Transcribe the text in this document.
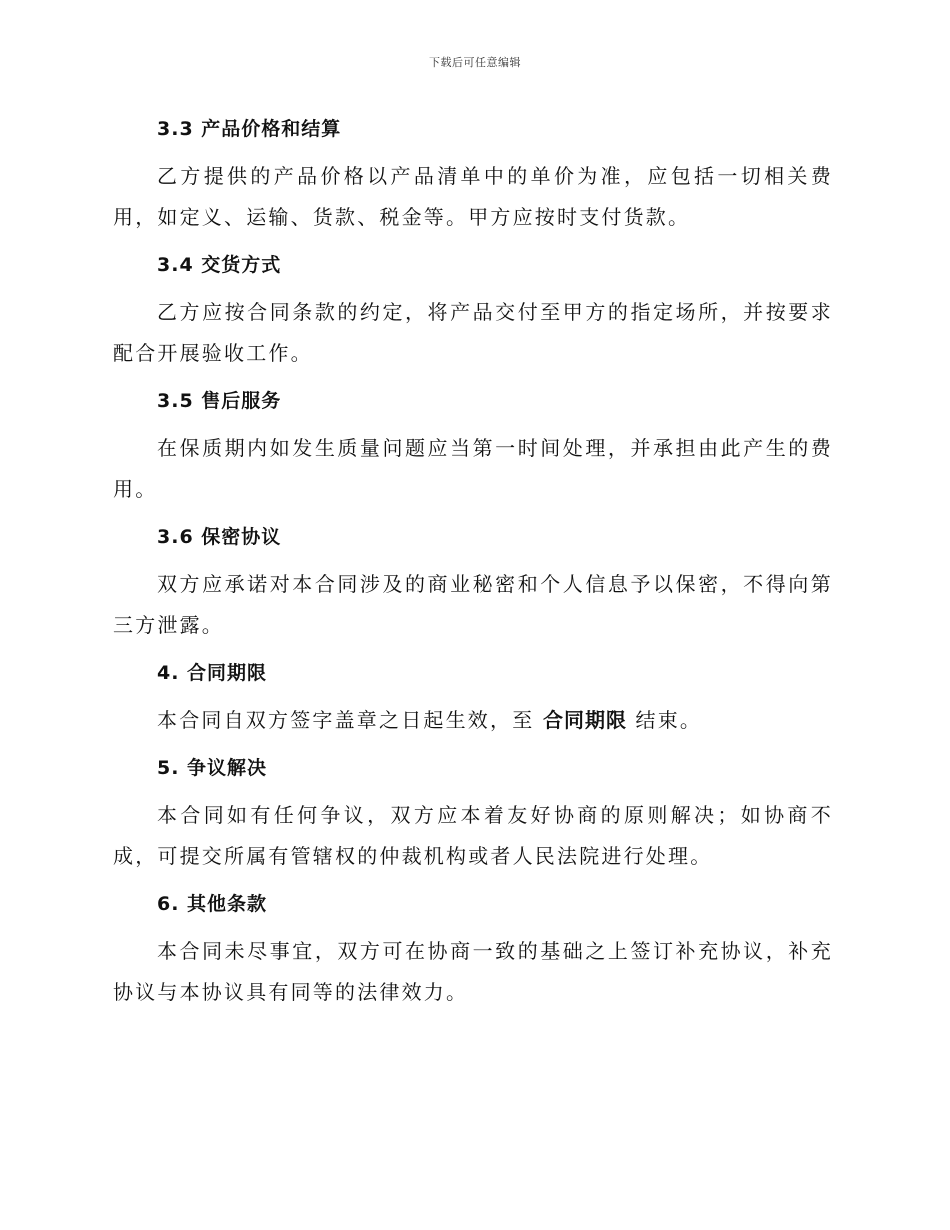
下载后可任意编辑
3.3 产品价格和结算

乙方提供的产品价格以产品清单中的单价为准，应包括一切相关费用，如定义、运输、货款、税金等。甲方应按时支付货款。

3.4 交货方式

乙方应按合同条款的约定，将产品交付至甲方的指定场所，并按要求配合开展验收工作。

3.5 售后服务

在保质期内如发生质量问题应当第一时间处理，并承担由此产生的费用。

3.6 保密协议

双方应承诺对本合同涉及的商业秘密和个人信息予以保密，不得向第三方泄露。

4. 合同期限

本合同自双方签字盖章之日起生效，至 合同期限 结束。

5. 争议解决

本合同如有任何争议，双方应本着友好协商的原则解决；如协商不成，可提交所属有管辖权的仲裁机构或者人民法院进行处理。

6. 其他条款

本合同未尽事宜，双方可在协商一致的基础之上签订补充协议，补充协议与本协议具有同等的法律效力。
